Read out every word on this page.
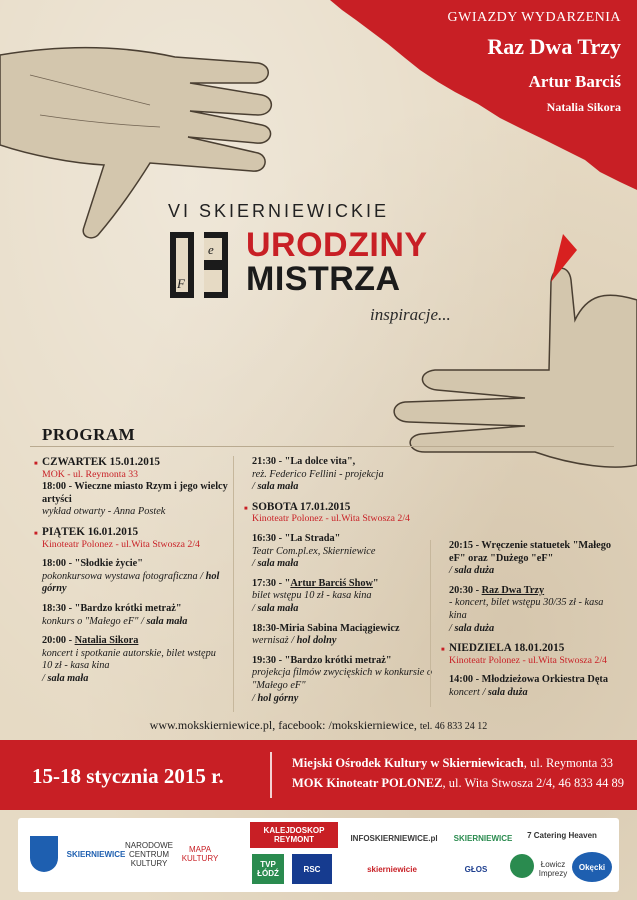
GWIAZDY WYDARZENIA
Raz Dwa Trzy
Artur Barciś
Natalia Sikora
VI SKIERNIEWICKIE
e
F
URODZINY
MISTRZA
inspiracje...
PROGRAM
■ CZWARTEK 15.01.2015
MOK - ul. Reymonta 33
18:00 - Wieczne miasto Rzym i jego wielcy artyści
wykład otwarty - Anna Postek
■ PIĄTEK 16.01.2015
Kinoteatr Polonez - ul.Wita Stwosza 2/4
18:00 - "Słodkie życie"
pokonkursowa wystawa fotograficzna / hol górny
18:30 - "Bardzo krótki metraż"
konkurs o "Małego eF" / sala mała
20:00 - Natalia Sikora
koncert i spotkanie autorskie, bilet wstępu 10 zł - kasa kina
/ sala mała
21:30 - "La dolce vita",
reż. Federico Fellini - projekcja
/ sala mała
■ SOBOTA 17.01.2015
Kinoteatr Polonez - ul.Wita Stwosza 2/4
16:30 - "La Strada"
Teatr Com.pl.ex, Skierniewice
/ sala mała
17:30 - "Artur Barciś Show"
bilet wstępu 10 zł - kasa kina
/ sala mała
18:30-Miria Sabina Maciągiewicz
wernisaż / hol dolny
19:30 - "Bardzo krótki metraż"
projekcja filmów zwycięskich w konkursie o "Małego eF"
/ hol górny
20:15 - Wręczenie statuetek "Małego eF" oraz "Dużego "eF"
/ sala duża
20:30 - Raz Dwa Trzy
- koncert, bilet wstępu 30/35 zł - kasa kina
/ sala duża
■ NIEDZIELA 18.01.2015
Kinoteatr Polonez - ul.Wita Stwosza 2/4
14:00 - Młodzieżowa Orkiestra Dęta
koncert / sala duża
www.mokskierniewice.pl, facebook: /mokskierniewice, tel. 46 833 24 12
15-18 stycznia 2015 r.
Miejski Ośrodek Kultury w Skierniewicach, ul. Reymonta 33
MOK Kinoteatr POLONEZ, ul. Wita Stwosza 2/4, 46 833 44 89
SKIERNIEWICE
NARODOWE CENTRUM KULTURY
MAPA KULTURY
KALEJDOSKOP REYMONT	INFOSKIERNIEWICE.pl	SKIERNIEWICE	7 Catering Heaven
TVP ŁÓDŹ	RSC	skierniewicie	GŁOS	Łowicz Imprezy
Okęcki
